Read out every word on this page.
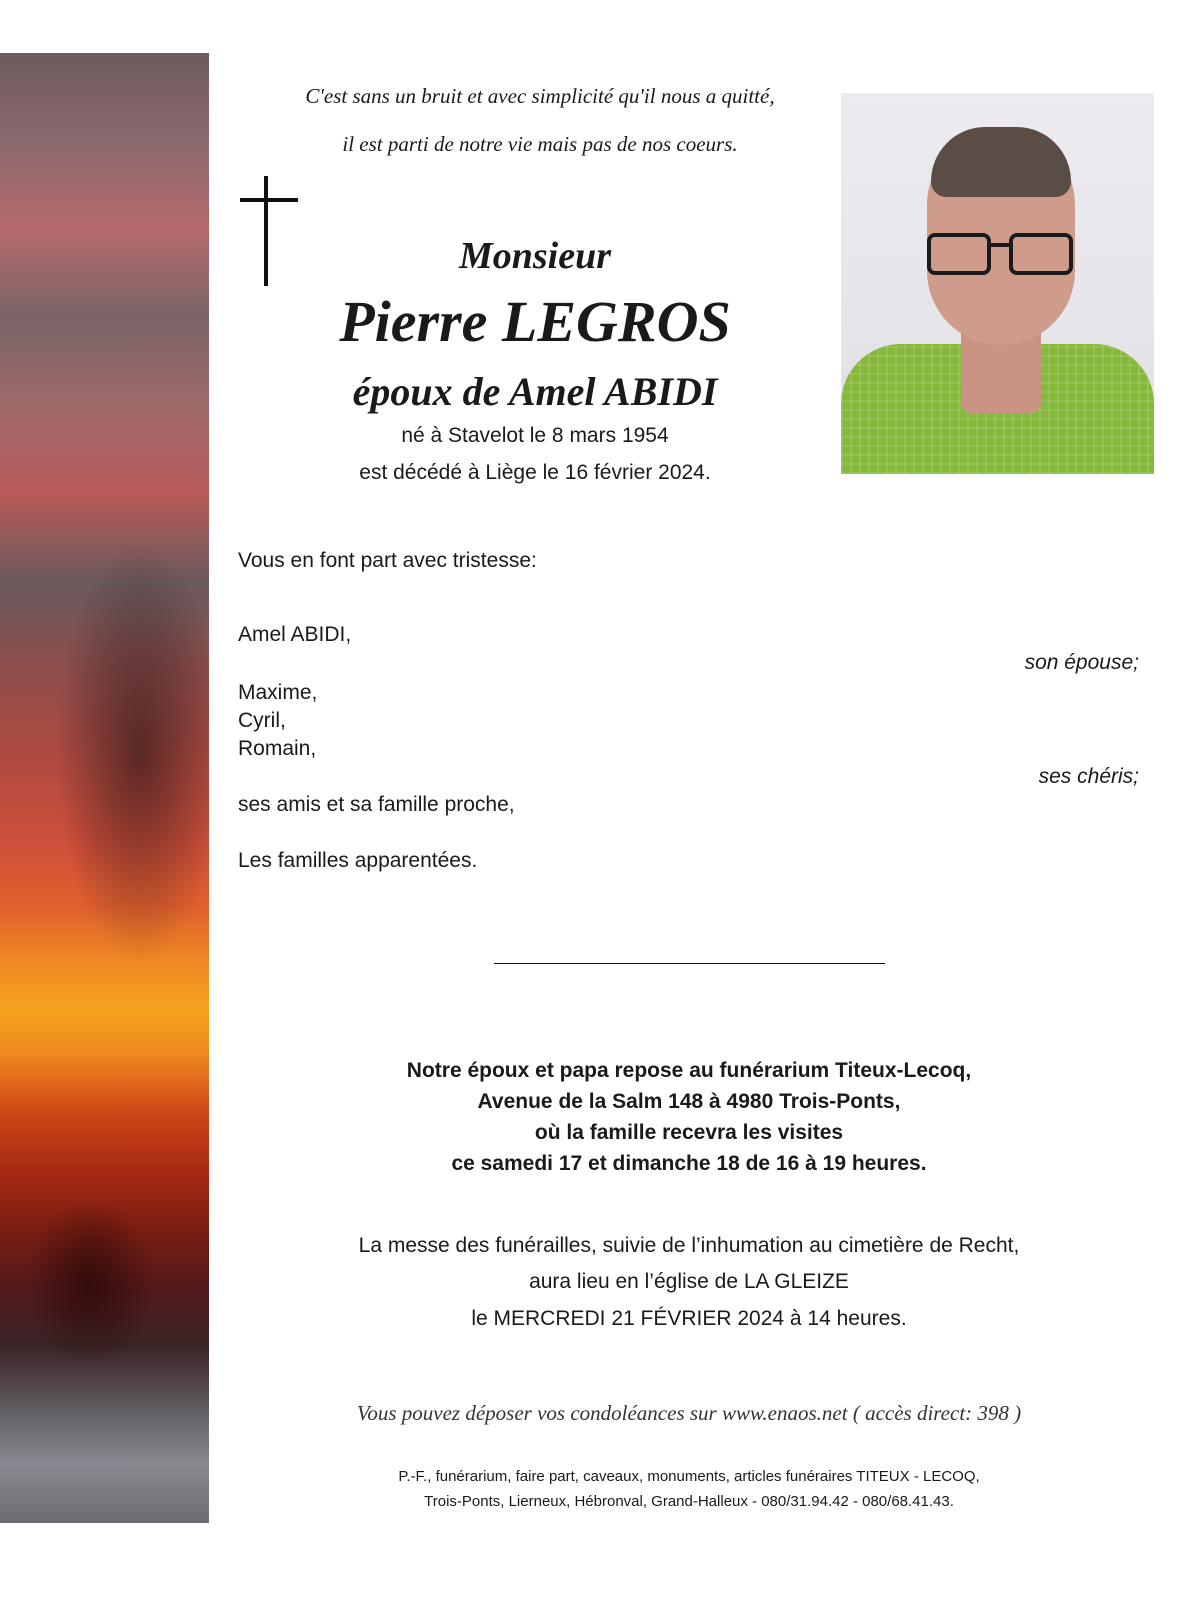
C'est sans un bruit et avec simplicité qu'il nous a quitté,
il est parti de notre vie mais pas de nos coeurs.
Monsieur
Pierre LEGROS
époux de Amel ABIDI
né à Stavelot le 8 mars 1954
est décédé à Liège le 16 février 2024.
Vous en font part avec tristesse:
Amel ABIDI,
son épouse;
Maxime,
Cyril,
Romain,
ses chéris;
ses amis et sa famille proche,
Les familles apparentées.
Notre époux et papa repose au funérarium Titeux-Lecoq,
Avenue de la Salm 148 à 4980 Trois-Ponts,
où la famille recevra les visites
ce samedi 17 et dimanche 18 de 16 à 19 heures.
La messe des funérailles, suivie de l’inhumation au cimetière de Recht,
aura lieu en l’église de LA GLEIZE
le MERCREDI 21 FÉVRIER 2024 à 14 heures.
Vous pouvez déposer vos condoléances sur www.enaos.net ( accès direct: 398 )
P.-F., funérarium, faire part, caveaux, monuments, articles funéraires TITEUX - LECOQ,
Trois-Ponts, Lierneux, Hébronval, Grand-Halleux - 080/31.94.42 - 080/68.41.43.
